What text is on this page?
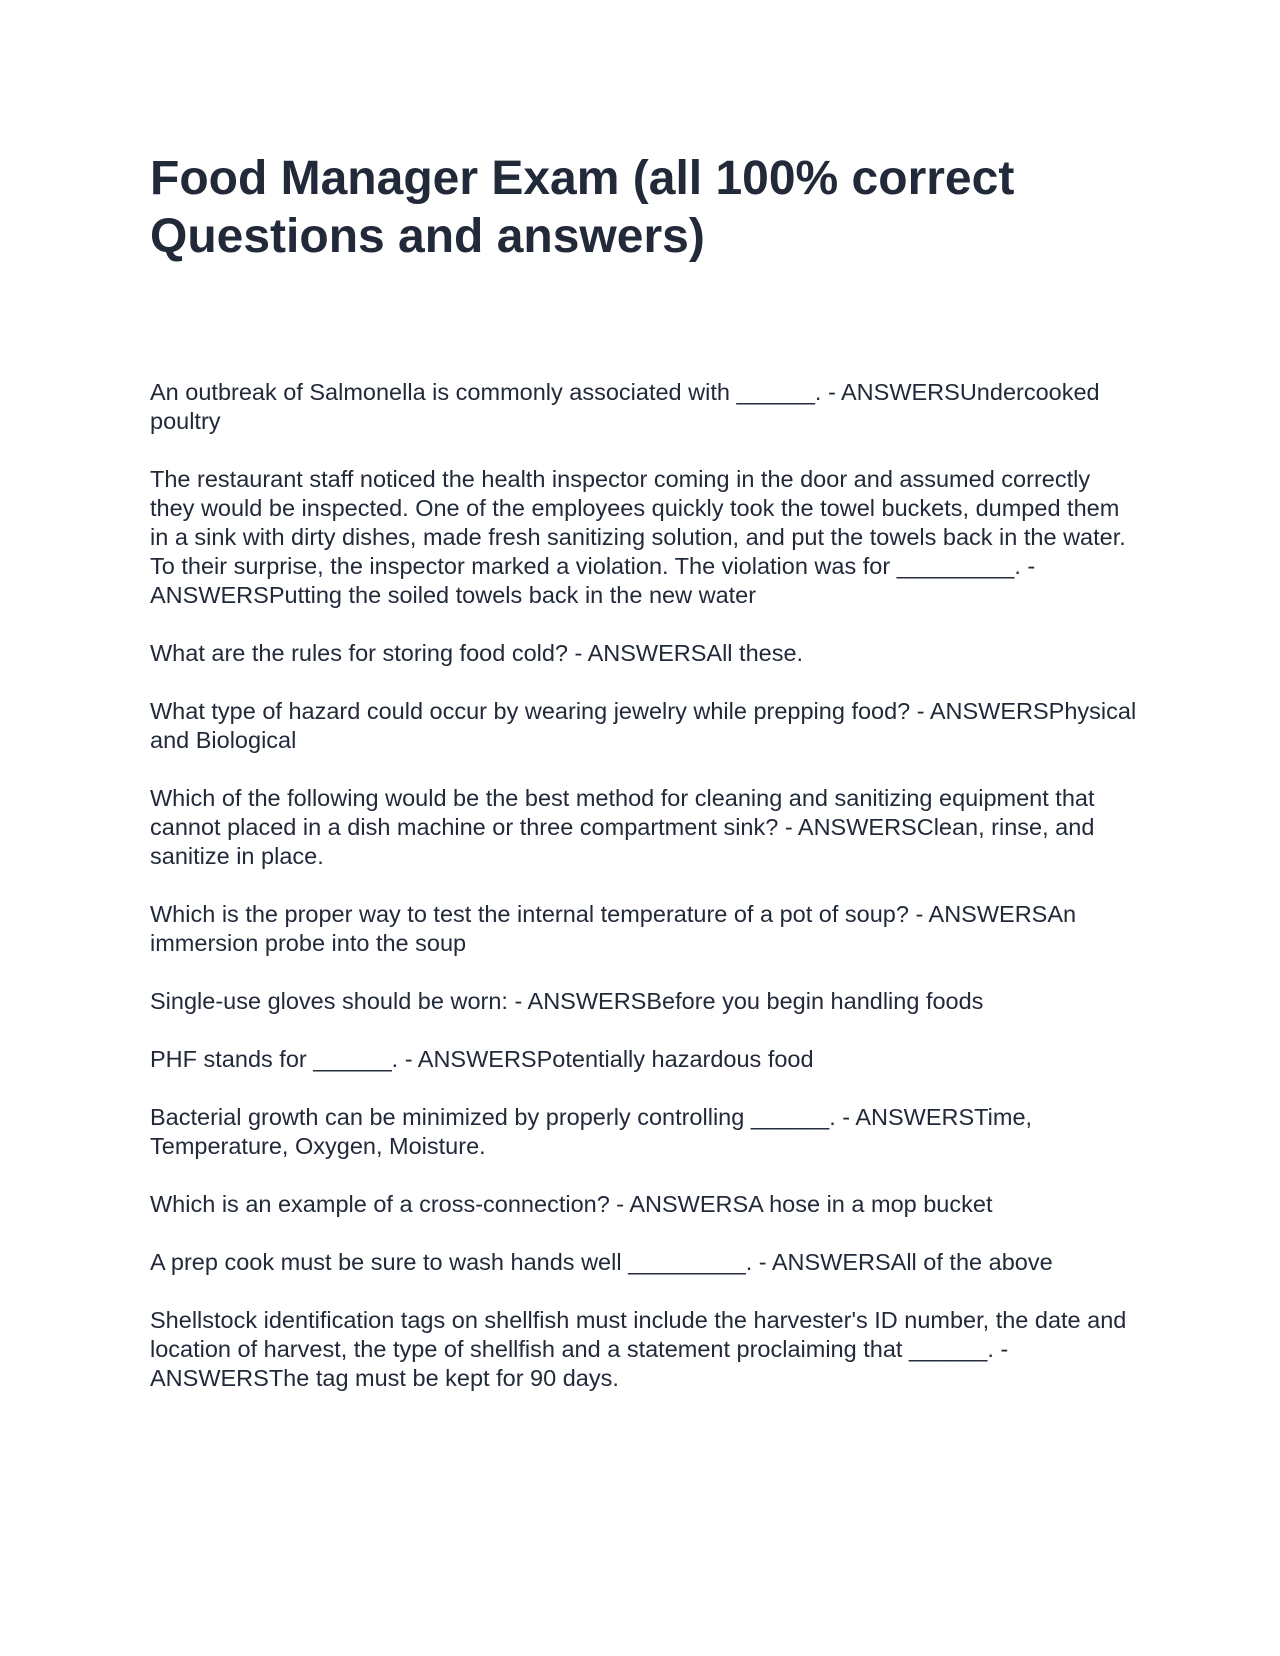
Food Manager Exam (all 100% correct Questions and answers)

An outbreak of Salmonella is commonly associated with ______. - ANSWERSUndercooked poultry

The restaurant staff noticed the health inspector coming in the door and assumed correctly they would be inspected. One of the employees quickly took the towel buckets, dumped them in a sink with dirty dishes, made fresh sanitizing solution, and put the towels back in the water. To their surprise, the inspector marked a violation. The violation was for _________. - ANSWERSPutting the soiled towels back in the new water

What are the rules for storing food cold? - ANSWERSAll these.

What type of hazard could occur by wearing jewelry while prepping food? - ANSWERSPhysical and Biological

Which of the following would be the best method for cleaning and sanitizing equipment that cannot placed in a dish machine or three compartment sink? - ANSWERSClean, rinse, and sanitize in place.

Which is the proper way to test the internal temperature of a pot of soup? - ANSWERSAn immersion probe into the soup

Single-use gloves should be worn: - ANSWERSBefore you begin handling foods

PHF stands for ______. - ANSWERSPotentially hazardous food

Bacterial growth can be minimized by properly controlling ______. - ANSWERSTime, Temperature, Oxygen, Moisture.

Which is an example of a cross-connection? - ANSWERSA hose in a mop bucket

A prep cook must be sure to wash hands well _________. - ANSWERSAll of the above

Shellstock identification tags on shellfish must include the harvester's ID number, the date and location of harvest, the type of shellfish and a statement proclaiming that ______. - ANSWERSThe tag must be kept for 90 days.
